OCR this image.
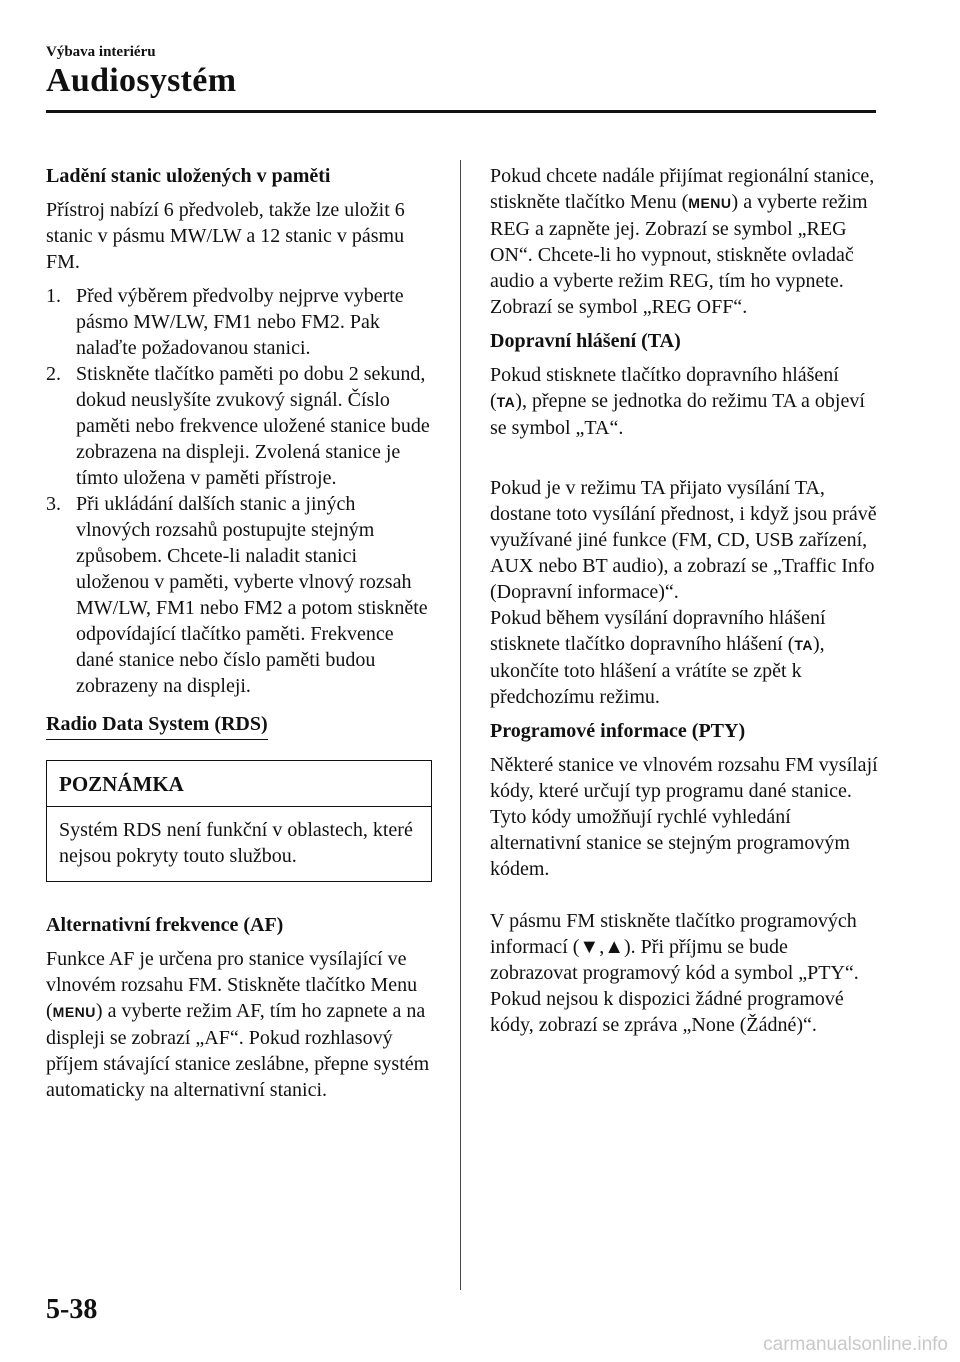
Výbava interiéru
Audiosystém

Ladění stanic uložených v paměti

Přístroj nabízí 6 předvoleb, takže lze uložit 6 stanic v pásmu MW/LW a 12 stanic v pásmu FM.

1. Před výběrem předvolby nejprve vyberte pásmo MW/LW, FM1 nebo FM2. Pak nalaďte požadovanou stanici.
2. Stiskněte tlačítko paměti po dobu 2 sekund, dokud neuslyšíte zvukový signál. Číslo paměti nebo frekvence uložené stanice bude zobrazena na displeji. Zvolená stanice je tímto uložena v paměti přístroje.
3. Při ukládání dalších stanic a jiných vlnových rozsahů postupujte stejným způsobem. Chcete-li naladit stanici uloženou v paměti, vyberte vlnový rozsah MW/LW, FM1 nebo FM2 a potom stiskněte odpovídající tlačítko paměti. Frekvence dané stanice nebo číslo paměti budou zobrazeny na displeji.
Radio Data System (RDS)
POZNÁMKA
Systém RDS není funkční v oblastech, které nejsou pokryty touto službou.

Alternativní frekvence (AF)

Funkce AF je určena pro stanice vysílající ve vlnovém rozsahu FM. Stiskněte tlačítko Menu (MENU) a vyberte režim AF, tím ho zapnete a na displeji se zobrazí „AF“. Pokud rozhlasový příjem stávající stanice zeslábne, přepne systém automaticky na alternativní stanici.

Pokud chcete nadále přijímat regionální stanice, stiskněte tlačítko Menu (MENU) a vyberte režim REG a zapněte jej. Zobrazí se symbol „REG ON“. Chcete-li ho vypnout, stiskněte ovladač audio a vyberte režim REG, tím ho vypnete. Zobrazí se symbol „REG OFF“.

Dopravní hlášení (TA)

Pokud stisknete tlačítko dopravního hlášení (TA), přepne se jednotka do režimu TA a objeví se symbol „TA“.

Pokud je v režimu TA přijato vysílání TA, dostane toto vysílání přednost, i když jsou právě využívané jiné funkce (FM, CD, USB zařízení, AUX nebo BT audio), a zobrazí se „Traffic Info (Dopravní informace)“.

Pokud během vysílání dopravního hlášení stisknete tlačítko dopravního hlášení (TA), ukončíte toto hlášení a vrátíte se zpět k předchozímu režimu.

Programové informace (PTY)

Některé stanice ve vlnovém rozsahu FM vysílají kódy, které určují typ programu dané stanice. Tyto kódy umožňují rychlé vyhledání alternativní stanice se stejným programovým kódem.

V pásmu FM stiskněte tlačítko programových informací (▼,▲). Při příjmu se bude zobrazovat programový kód a symbol „PTY“. Pokud nejsou k dispozici žádné programové kódy, zobrazí se zpráva „None (Žádné)“.

5-38
carmanualsonline.info
